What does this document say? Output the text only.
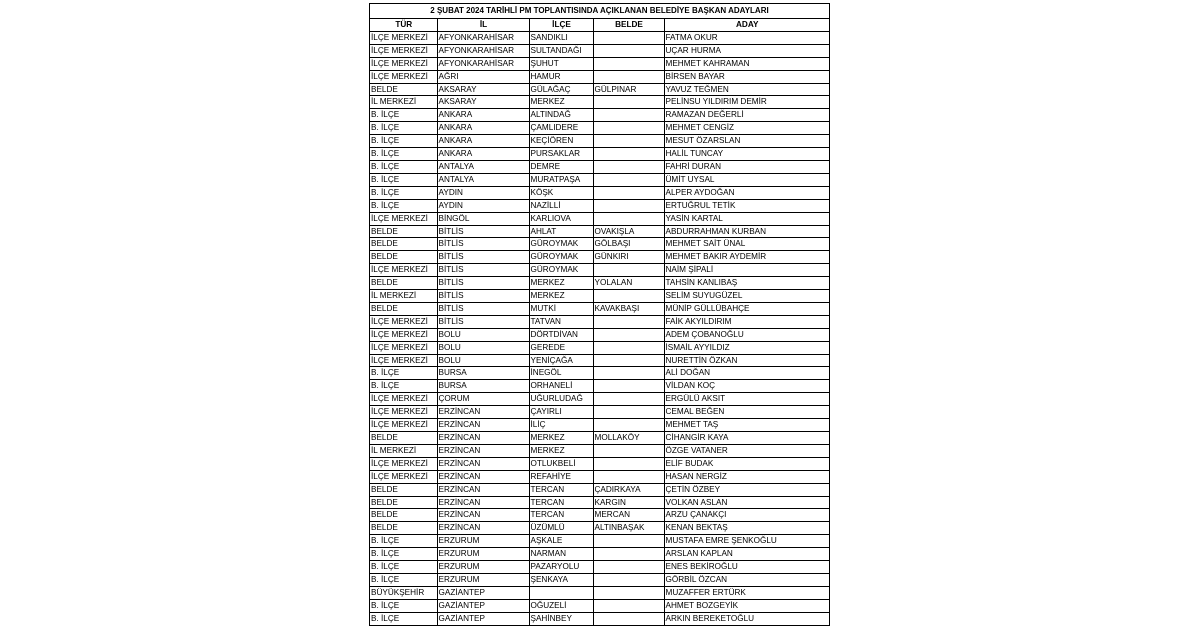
2 ŞUBAT 2024 TARİHLİ PM TOPLANTISINDA AÇIKLANAN BELEDİYE BAŞKAN ADAYLARI
TÜR	İL	İLÇE	BELDE	ADAY
İLÇE MERKEZİ	AFYONKARAHİSAR	SANDIKLI		FATMA OKUR
İLÇE MERKEZİ	AFYONKARAHİSAR	SULTANDAĞI		UÇAR HURMA
İLÇE MERKEZİ	AFYONKARAHİSAR	ŞUHUT		MEHMET KAHRAMAN
İLÇE MERKEZİ	AĞRI	HAMUR		BİRSEN BAYAR
BELDE	AKSARAY	GÜLAĞAÇ	GÜLPINAR	YAVUZ TEĞMEN
İL MERKEZİ	AKSARAY	MERKEZ		PELİNSU YILDIRIM DEMİR
B. İLÇE	ANKARA	ALTINDAĞ		RAMAZAN DEĞERLİ
B. İLÇE	ANKARA	ÇAMLIDERE		MEHMET CENGİZ
B. İLÇE	ANKARA	KEÇİÖREN		MESUT ÖZARSLAN
B. İLÇE	ANKARA	PURSAKLAR		HALİL TUNCAY
B. İLÇE	ANTALYA	DEMRE		FAHRİ DURAN
B. İLÇE	ANTALYA	MURATPAŞA		ÜMİT UYSAL
B. İLÇE	AYDIN	KÖŞK		ALPER AYDOĞAN
B. İLÇE	AYDIN	NAZİLLİ		ERTUĞRUL TETİK
İLÇE MERKEZİ	BİNGÖL	KARLIOVA		YASİN KARTAL
BELDE	BİTLİS	AHLAT	OVAKIŞLA	ABDURRAHMAN KURBAN
BELDE	BİTLİS	GÜROYMAK	GÖLBAŞI	MEHMET SAİT ÜNAL
BELDE	BİTLİS	GÜROYMAK	GÜNKIRI	MEHMET BAKIR AYDEMİR
İLÇE MERKEZİ	BİTLİS	GÜROYMAK		NAİM ŞİPALİ
BELDE	BİTLİS	MERKEZ	YOLALAN	TAHSİN KANLIBAŞ
İL MERKEZİ	BİTLİS	MERKEZ		SELİM SUYUGÜZEL
BELDE	BİTLİS	MUTKİ	KAVAKBAŞI	MÜNİP GÜLLÜBAHÇE
İLÇE MERKEZİ	BİTLİS	TATVAN		FAİK AKYILDIRIM
İLÇE MERKEZİ	BOLU	DÖRTDİVAN		ADEM ÇOBANOĞLU
İLÇE MERKEZİ	BOLU	GEREDE		İSMAİL AYYILDIZ
İLÇE MERKEZİ	BOLU	YENİÇAĞA		NURETTİN ÖZKAN
B. İLÇE	BURSA	İNEGÖL		ALİ DOĞAN
B. İLÇE	BURSA	ORHANELİ		VİLDAN KOÇ
İLÇE MERKEZİ	ÇORUM	UĞURLUDAĞ		ERGÜLÜ AKSIT
İLÇE MERKEZİ	ERZİNCAN	ÇAYIRLI		CEMAL BEĞEN
İLÇE MERKEZİ	ERZİNCAN	İLİÇ		MEHMET TAŞ
BELDE	ERZİNCAN	MERKEZ	MOLLAKÖY	CİHANGİR KAYA
İL MERKEZİ	ERZİNCAN	MERKEZ		ÖZGE VATANER
İLÇE MERKEZİ	ERZİNCAN	OTLUKBELİ		ELİF BUDAK
İLÇE MERKEZİ	ERZİNCAN	REFAHİYE		HASAN NERGİZ
BELDE	ERZİNCAN	TERCAN	ÇADIRKAYA	ÇETİN ÖZBEY
BELDE	ERZİNCAN	TERCAN	KARGIN	VOLKAN ASLAN
BELDE	ERZİNCAN	TERCAN	MERCAN	ARZU ÇANAKÇI
BELDE	ERZİNCAN	ÜZÜMLÜ	ALTINBAŞAK	KENAN BEKTAŞ
B. İLÇE	ERZURUM	AŞKALE		MUSTAFA EMRE ŞENKOĞLU
B. İLÇE	ERZURUM	NARMAN		ARSLAN KAPLAN
B. İLÇE	ERZURUM	PAZARYOLU		ENES BEKİROĞLU
B. İLÇE	ERZURUM	ŞENKAYA		GÖRBİL ÖZCAN
BÜYÜKŞEHİR	GAZİANTEP			MUZAFFER ERTÜRK
B. İLÇE	GAZİANTEP	OĞUZELİ		AHMET BOZGEYİK
B. İLÇE	GAZİANTEP	ŞAHİNBEY		ARKIN BEREKETOĞLU
